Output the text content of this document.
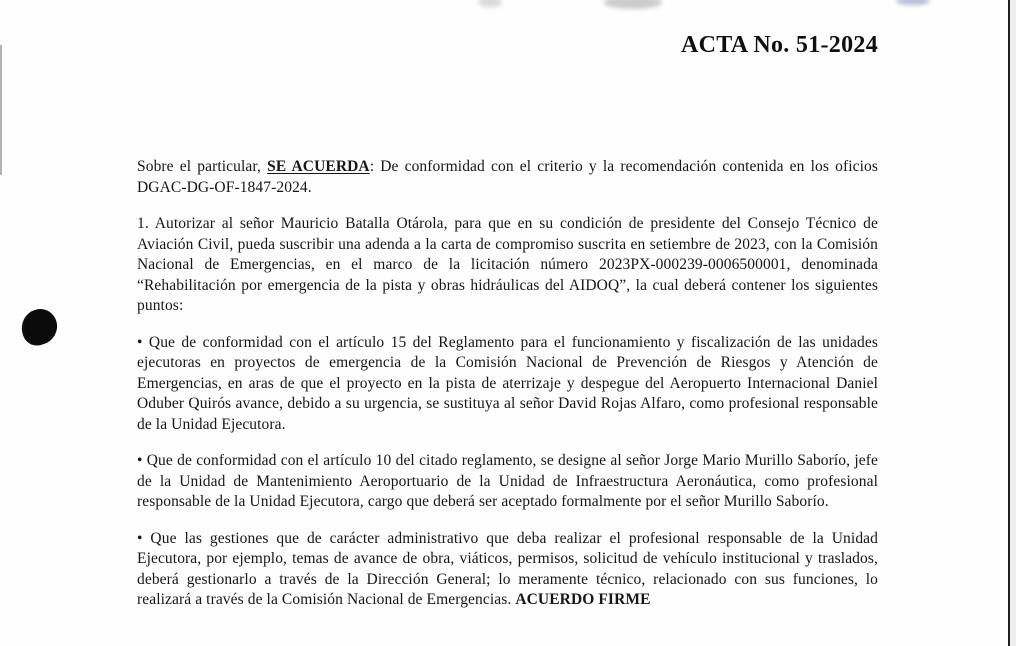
ACTA No. 51-2024

Sobre el particular, SE ACUERDA: De conformidad con el criterio y la recomendación contenida en los oficios DGAC-DG-OF-1847-2024.

1. Autorizar al señor Mauricio Batalla Otárola, para que en su condición de presidente del Consejo Técnico de Aviación Civil, pueda suscribir una adenda a la carta de compromiso suscrita en setiembre de 2023, con la Comisión Nacional de Emergencias, en el marco de la licitación número 2023PX-000239-0006500001, denominada “Rehabilitación por emergencia de la pista y obras hidráulicas del AIDOQ”, la cual deberá contener los siguientes puntos:

• Que de conformidad con el artículo 15 del Reglamento para el funcionamiento y fiscalización de las unidades ejecutoras en proyectos de emergencia de la Comisión Nacional de Prevención de Riesgos y Atención de Emergencias, en aras de que el proyecto en la pista de aterrizaje y despegue del Aeropuerto Internacional Daniel Oduber Quirós avance, debido a su urgencia, se sustituya al señor David Rojas Alfaro, como profesional responsable de la Unidad Ejecutora.

• Que de conformidad con el artículo 10 del citado reglamento, se designe al señor Jorge Mario Murillo Saborío, jefe de la Unidad de Mantenimiento Aeroportuario de la Unidad de Infraestructura Aeronáutica, como profesional responsable de la Unidad Ejecutora, cargo que deberá ser aceptado formalmente por el señor Murillo Saborío.

• Que las gestiones que de carácter administrativo que deba realizar el profesional responsable de la Unidad Ejecutora, por ejemplo, temas de avance de obra, viáticos, permisos, solicitud de vehículo institucional y traslados, deberá gestionarlo a través de la Dirección General; lo meramente técnico, relacionado con sus funciones, lo realizará a través de la Comisión Nacional de Emergencias. ACUERDO FIRME
